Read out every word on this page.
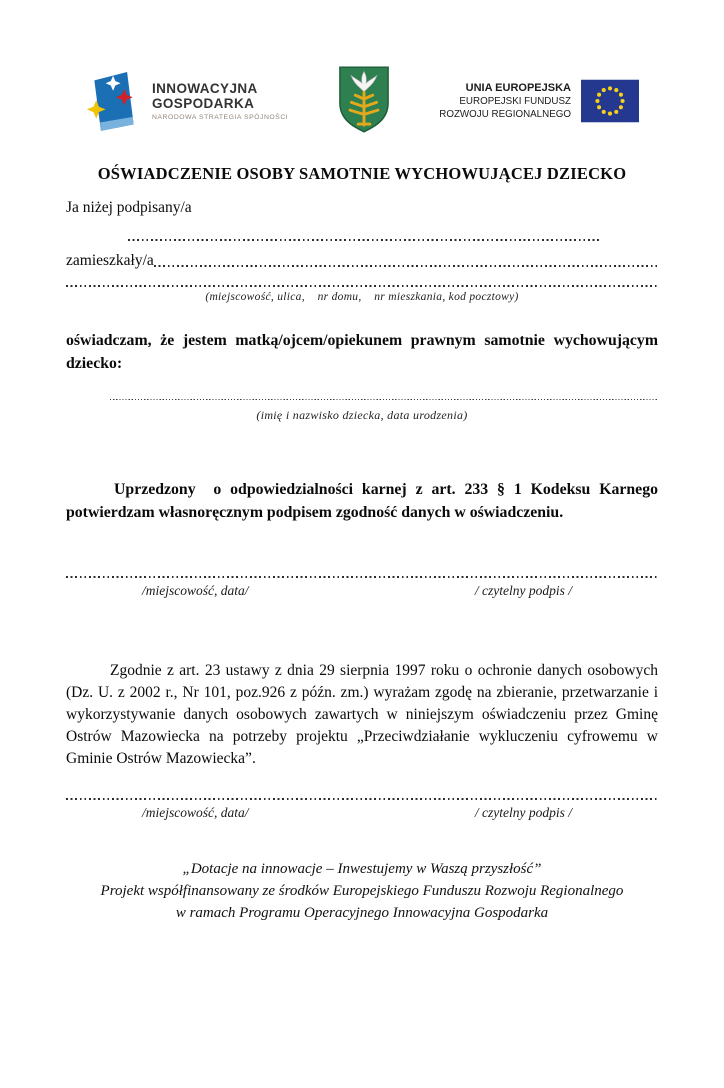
INNOWACYJNA
GOSPODARKA
NARODOWA STRATEGIA SPÓJNOŚCI
UNIA EUROPEJSKA
EUROPEJSKI FUNDUSZ
ROZWOJU REGIONALNEGO
OŚWIADCZENIE OSOBY SAMOTNIE WYCHOWUJĄCEJ DZIECKO

Ja niżej podpisany/a

zamieszkały/a
(miejscowość, ulica,    nr domu,    nr mieszkania, kod pocztowy)

oświadczam, że jestem matką/ojcem/opiekunem prawnym samotnie wychowującym dziecko:

(imię i nazwisko dziecka, data urodzenia)

Uprzedzony  o odpowiedzialności karnej z art. 233 § 1 Kodeksu Karnego potwierdzam własnoręcznym podpisem zgodność danych w oświadczeniu.

/miejscowość, data/	/ czytelny podpis /

Zgodnie z art. 23 ustawy z dnia 29 sierpnia 1997 roku o ochronie danych osobowych (Dz. U. z 2002 r., Nr 101, poz.926 z późn. zm.) wyrażam zgodę na zbieranie, przetwarzanie i wykorzystywanie danych osobowych zawartych w niniejszym oświadczeniu przez Gminę Ostrów Mazowiecka na potrzeby projektu „Przeciwdziałanie wykluczeniu cyfrowemu w Gminie Ostrów Mazowiecka”.

/miejscowość, data/	/ czytelny podpis /
„Dotacje na innowacje – Inwestujemy w Waszą przyszłość”
Projekt współfinansowany ze środków Europejskiego Funduszu Rozwoju Regionalnego
w ramach Programu Operacyjnego Innowacyjna Gospodarka
